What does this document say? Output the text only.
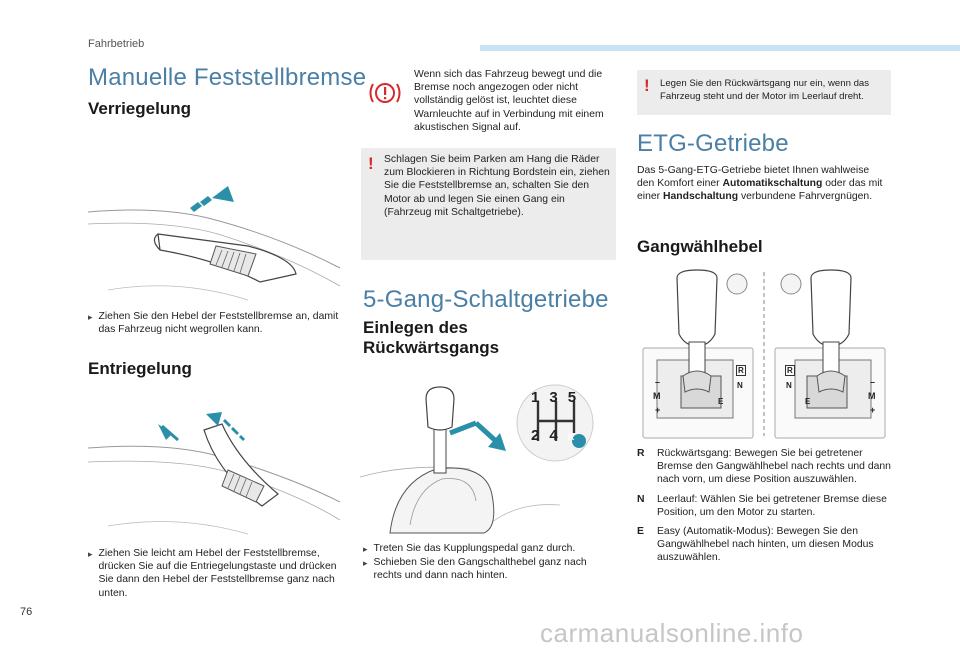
Fahrbetrieb
Manuelle Feststellbremse
Verriegelung
▸ Ziehen Sie den Hebel der Feststellbremse an, damit das Fahrzeug nicht wegrollen kann.
Entriegelung
▸ Ziehen Sie leicht am Hebel der Feststellbremse, drücken Sie auf die Entriegelungstaste und drücken Sie dann den Hebel der Feststellbremse ganz nach unten.
Wenn sich das Fahrzeug bewegt und die Bremse noch angezogen oder nicht vollständig gelöst ist, leuchtet diese Warnleuchte auf in Verbindung mit einem akustischen Signal auf.
! Schlagen Sie beim Parken am Hang die Räder zum Blockieren in Richtung Bordstein ein, ziehen Sie die Feststellbremse an, schalten Sie den Motor ab und legen Sie einen Gang ein (Fahrzeug mit Schaltgetriebe).
5-Gang-Schaltgetriebe
Einlegen des Rückwärtsgangs
135
24R
▸ Treten Sie das Kupplungspedal ganz durch.
▸ Schieben Sie den Gangschalthebel ganz nach rechts und dann nach hinten.
! Legen Sie den Rückwärtsgang nur ein, wenn das Fahrzeug steht und der Motor im Leerlauf dreht.
ETG-Getriebe
Das 5-Gang-ETG-Getriebe bietet Ihnen wahlweise den Komfort einer Automatikschaltung oder das mit einer Handschaltung verbundene Fahrvergnügen.
Gangwählhebel
–
M
+
R
N
E
R
N
E
–
M
+
R	Rückwärtsgang: Bewegen Sie bei getretener Bremse den Gangwählhebel nach rechts und dann nach vorn, um diese Position auszuwählen.
N	Leerlauf: Wählen Sie bei getretener Bremse diese Position, um den Motor zu starten.
E	Easy (Automatik-Modus): Bewegen Sie den Gangwählhebel nach hinten, um diesen Modus auszuwählen.
76
carmanualsonline.info
